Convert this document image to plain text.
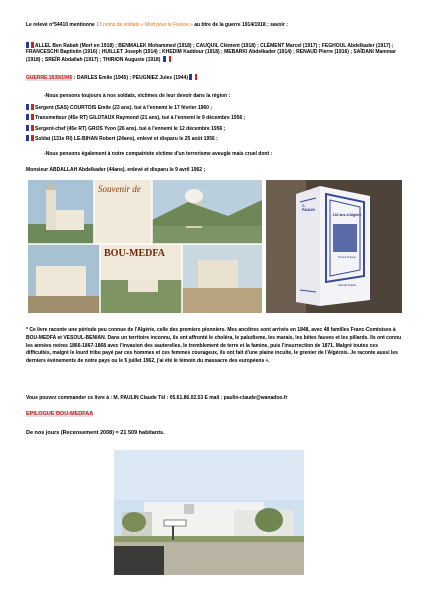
Le relevé n°54410 mentionne 13 noms de soldats « Mort pour la France » au titre de la guerre 1914/1918 ; savoir :
ALLEL Ben Rabah (Mort en 1918) ; BENMALEK Mohammed (1918) ; CAUQUIL Clément (1918) ; CLÉMENT Marcel (1917) ; FEGHOUL Abdelkader (1917) ; FRANCESCHI Baptistin (1916) ; HUILLET Joseph (1914) ; KHEDIM Kaddour (1918) ; MEBARKI Abdelkader (1914) ; RENAUD Pierre (1916) ; SAÏDANI Mammar (1918) ; SREÏR Abdallah (1917) ; THIRION Auguste (1918)
GUERRE 1939/1945 : DARLES Emile (1945) ; PEUGNIEZ Jules (1944)
-Nous pensons toujours à nos soldats, victimes de leur devoir dans la région :
Sergent (SAS) COURTOIS Emile (23 ans), tué à l'ennemi le 17 février 1960 ;
Transmetteur (45e RT) GILOTAUX Raymond (21 ans), tué à l'ennemi le 9 décembre 1956 ;
Sergent-chef (45e RT) GROS Yvon (26 ans). tué à l'ennemi le 12 décembre 1956 ;
Soldat (131e RI) LE-BIHAN Robert (24ans), enlevé et disparu le 25 août 1956 ;
-Nous pensons également à notre compatriote victime d'un terrorisme aveugle mais cruel dont :
Monsieur ABDALLAH Abdelkader (44ans). enlevé et disparu le 9 avril 1962 ;
Souvenir de
BOU-MEDFA
C. PAULIN
132 ans d'Algérie
Tout à l'heure
Claude Paulin
* Ce livre raconte une période peu connue de l'Algérie, celle des premiers pionniers. Mes ancêtres sont arrivés en 1848, avec 48 familles Franc-Comtoises à BOU-MEDFA et VESOUL-BENIAN. Dans un territoire inconnu, ils ont affronté le choléra, le paludisme, les marais, les bêtes fauves et les pillards. Ils ont connu les années noires 1866-1867-1868 avec l'invasion des sauterelles, le tremblement de terre et la famine, puis l'insurrection de 1871. Malgré toutes ces difficultés, malgré le lourd tribu payé par ces hommes et ces femmes courageux, ils ont fait d'une plaine inculte, le grenier de l'Algérois. Je raconte aussi les derniers événements de notre pays ou le 5 juillet 1962, j'ai été le témoin du massacre des européens ».
Vous pouvez commander ce livre à : M. PAULIN Claude Tél : 05.61.86.02.53 E mail : paulin-claude@wanadoo.fr
EPILOGUE BOU-MEDFAA
De nos jours (Recensement 2008) = 21 509 habitants.
